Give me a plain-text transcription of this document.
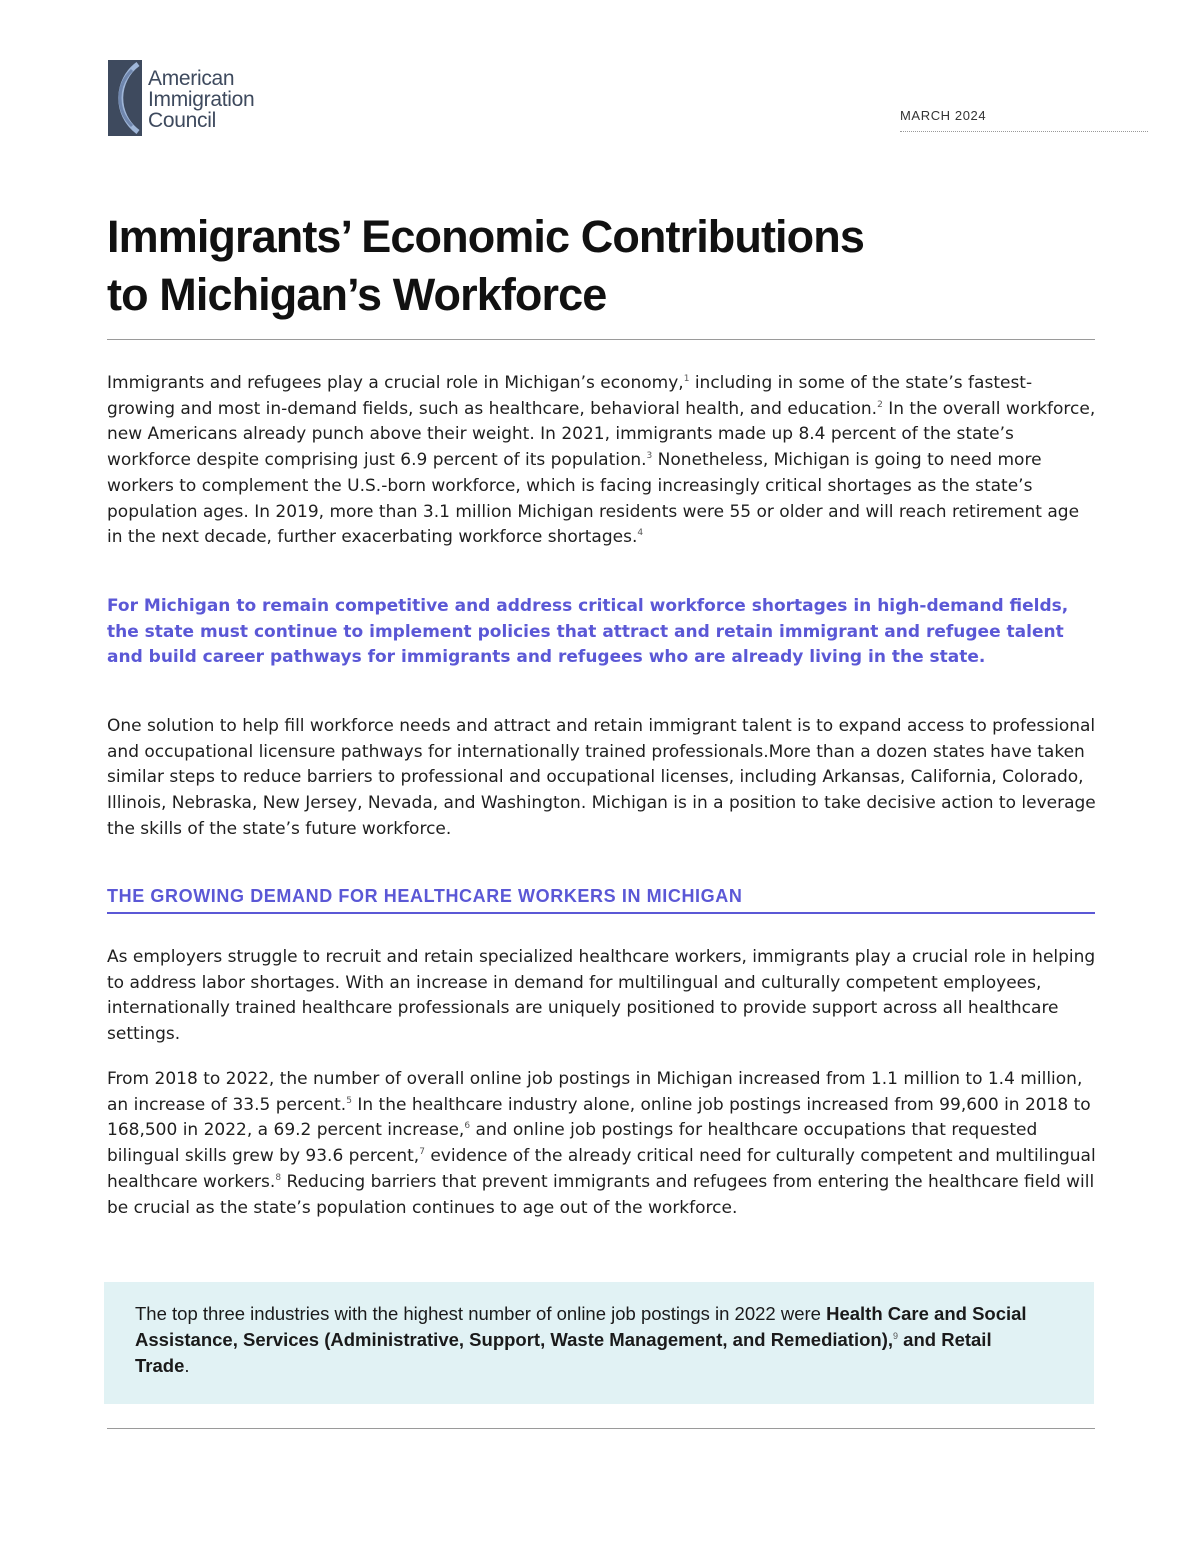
American
Immigration
Council	MARCH 2024
Immigrants’ Economic Contributions
to Michigan’s Workforce

Immigrants and refugees play a crucial role in Michigan’s economy,$^1$ including in some of the state’s fastest-growing and most in-demand fields, such as healthcare, behavioral health, and education.$^2$ In the overall workforce, new Americans already punch above their weight. In 2021, immigrants made up 8.4 percent of the state’s workforce despite comprising just 6.9 percent of its population.$^3$ Nonetheless, Michigan is going to need more workers to complement the U.S.-born workforce, which is facing increasingly critical shortages as the state’s population ages. In 2019, more than 3.1 million Michigan residents were 55 or older and will reach retirement age in the next decade, further exacerbating workforce shortages.$^4$

For Michigan to remain competitive and address critical workforce shortages in high-demand fields, the state must continue to implement policies that attract and retain immigrant and refugee talent and build career pathways for immigrants and refugees who are already living in the state.

One solution to help fill workforce needs and attract and retain immigrant talent is to expand access to professional and occupational licensure pathways for internationally trained professionals.More than a dozen states have taken similar steps to reduce barriers to professional and occupational licenses, including Arkansas, California, Colorado, Illinois, Nebraska, New Jersey, Nevada, and Washington. Michigan is in a position to take decisive action to leverage the skills of the state’s future workforce.

THE GROWING DEMAND FOR HEALTHCARE WORKERS IN MICHIGAN

As employers struggle to recruit and retain specialized healthcare workers, immigrants play a crucial role in helping to address labor shortages. With an increase in demand for multilingual and culturally competent employees, internationally trained healthcare professionals are uniquely positioned to provide support across all healthcare settings.

From 2018 to 2022, the number of overall online job postings in Michigan increased from 1.1 million to 1.4 million, an increase of 33.5 percent.$^5$ In the healthcare industry alone, online job postings increased from 99,600 in 2018 to 168,500 in 2022, a 69.2 percent increase,$^6$ and online job postings for healthcare occupations that requested bilingual skills grew by 93.6 percent,$^7$ evidence of the already critical need for culturally competent and multilingual healthcare workers.$^8$ Reducing barriers that prevent immigrants and refugees from entering the healthcare field will be crucial as the state’s population continues to age out of the workforce.

The top three industries with the highest number of online job postings in 2022 were Health Care and Social Assistance, Services (Administrative, Support, Waste Management, and Remediation),$^9$ and Retail Trade.
